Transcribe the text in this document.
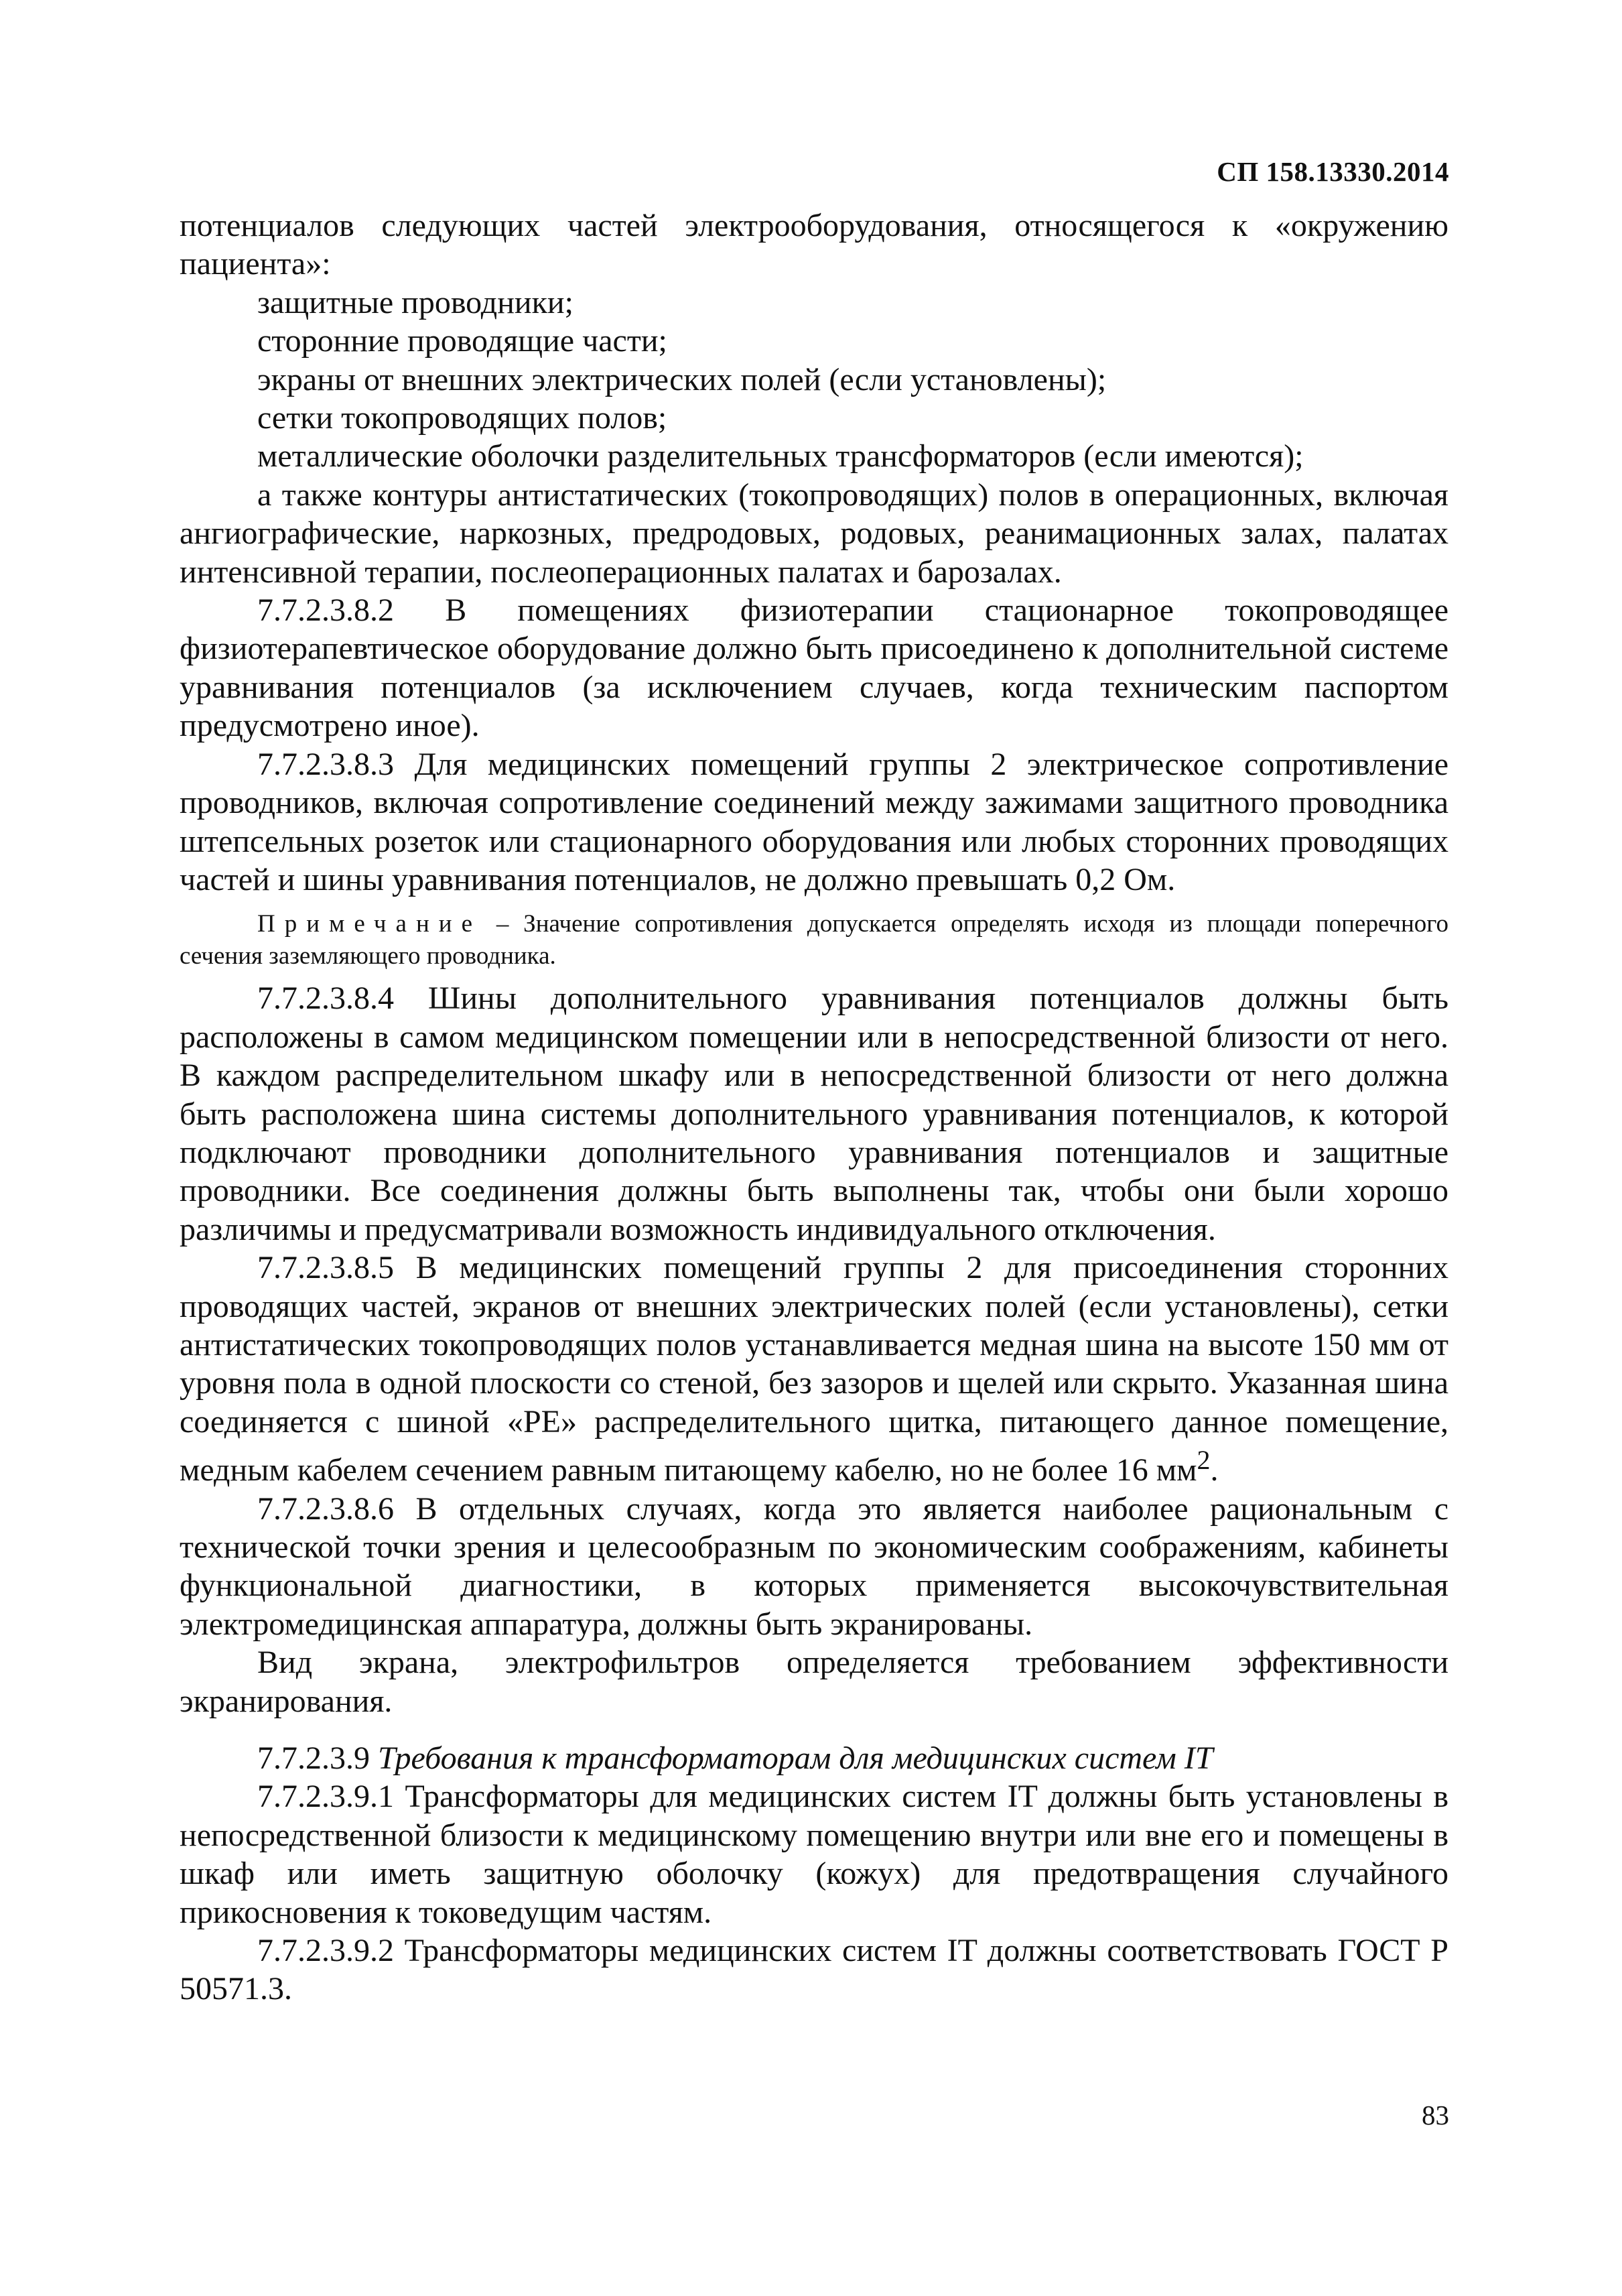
СП 158.13330.2014

потенциалов следующих частей электрооборудования, относящегося к «окружению пациента»:

защитные проводники;

сторонние проводящие части;

экраны от внешних электрических полей (если установлены);

сетки токопроводящих полов;

металлические оболочки разделительных трансформаторов (если имеются);

а также контуры антистатических (токопроводящих) полов в операционных, включая ангиографические, наркозных, предродовых, родовых, реанимационных залах, палатах интенсивной терапии, послеоперационных палатах и барозалах.

7.7.2.3.8.2 В помещениях физиотерапии стационарное токопроводящее физиотерапевтическое оборудование должно быть присоединено к дополнительной системе уравнивания потенциалов (за исключением случаев, когда техническим паспортом предусмотрено иное).

7.7.2.3.8.3 Для медицинских помещений группы 2 электрическое сопротивление проводников, включая сопротивление соединений между зажимами защитного проводника штепсельных розеток или стационарного оборудования или любых сторонних проводящих частей и шины уравнивания потенциалов, не должно превышать 0,2 Ом.

Примечание – Значение сопротивления допускается определять исходя из площади поперечного сечения заземляющего проводника.

7.7.2.3.8.4 Шины дополнительного уравнивания потенциалов должны быть расположены в самом медицинском помещении или в непосредственной близости от него. В каждом распределительном шкафу или в непосредственной близости от него должна быть расположена шина системы дополнительного уравнивания потенциалов, к которой подключают проводники дополнительного уравнивания потенциалов и защитные проводники. Все соединения должны быть выполнены так, чтобы они были хорошо различимы и предусматривали возможность индивидуального отключения.

7.7.2.3.8.5 В медицинских помещений группы 2 для присоединения сторонних проводящих частей, экранов от внешних электрических полей (если установлены), сетки антистатических токопроводящих полов устанавливается медная шина на высоте 150 мм от уровня пола в одной плоскости со стеной, без зазоров и щелей или скрыто. Указанная шина соединяется с шиной «PE» распределительного щитка, питающего данное помещение, медным кабелем сечением равным питающему кабелю, но не более 16 $мм^2$.

7.7.2.3.8.6 В отдельных случаях, когда это является наиболее рациональным с технической точки зрения и целесообразным по экономическим соображениям, кабинеты функциональной диагностики, в которых применяется высокочувствительная электромедицинская аппаратура, должны быть экранированы.

Вид экрана, электрофильтров определяется требованием эффективности экранирования.

7.7.2.3.9 Требования к трансформаторам для медицинских систем IT

7.7.2.3.9.1 Трансформаторы для медицинских систем IT должны быть установлены в непосредственной близости к медицинскому помещению внутри или вне его и помещены в шкаф или иметь защитную оболочку (кожух) для предотвращения случайного прикосновения к токоведущим частям.

7.7.2.3.9.2 Трансформаторы медицинских систем IT должны соответствовать ГОСТ Р 50571.3.

83
